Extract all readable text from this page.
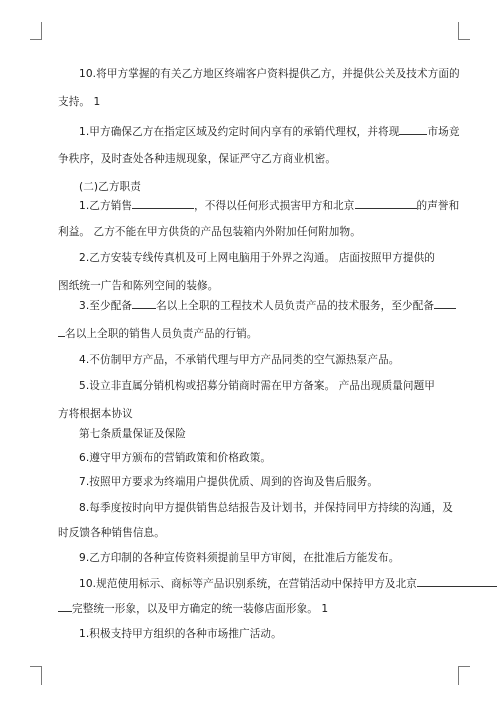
10.将甲方掌握的有关乙方地区终端客户资料提供乙方，并提供公关及技术方面的
支持。 1
1.甲方确保乙方在指定区域及约定时间内享有的承销代理权，并将现	市场竞
争秩序，及时查处各种违规现象，保证严守乙方商业机密。
(二)乙方职责
1.乙方销售	，不得以任何形式损害甲方和北京	的声誉和
利益。 乙方不能在甲方供货的产品包装箱内外附加任何附加物。
2.乙方安装专线传真机及可上网电脑用于外界之沟通。 店面按照甲方提供的
图纸统一广告和陈列空间的装修。
3.至少配备 名以上全职的工程技术人员负责产品的技术服务，至少配备
名以上全职的销售人员负责产品的行销。
4.不仿制甲方产品，不承销代理与甲方产品同类的空气源热泵产品。
5.设立非直属分销机构或招募分销商时需在甲方备案。 产品出现质量问题甲
方将根据本协议
第七条质量保证及保险
6.遵守甲方颁布的营销政策和价格政策。
7.按照甲方要求为终端用户提供优质、周到的咨询及售后服务。
8.每季度按时向甲方提供销售总结报告及计划书，并保持同甲方持续的沟通，及
时反馈各种销售信息。
9.乙方印制的各种宣传资料须提前呈甲方审阅，在批准后方能发布。
10.规范使用标示、商标等产品识别系统，在营销活动中保持甲方及北京
完整统一形象，以及甲方确定的统一装修店面形象。 1
1.积极支持甲方组织的各种市场推广活动。
